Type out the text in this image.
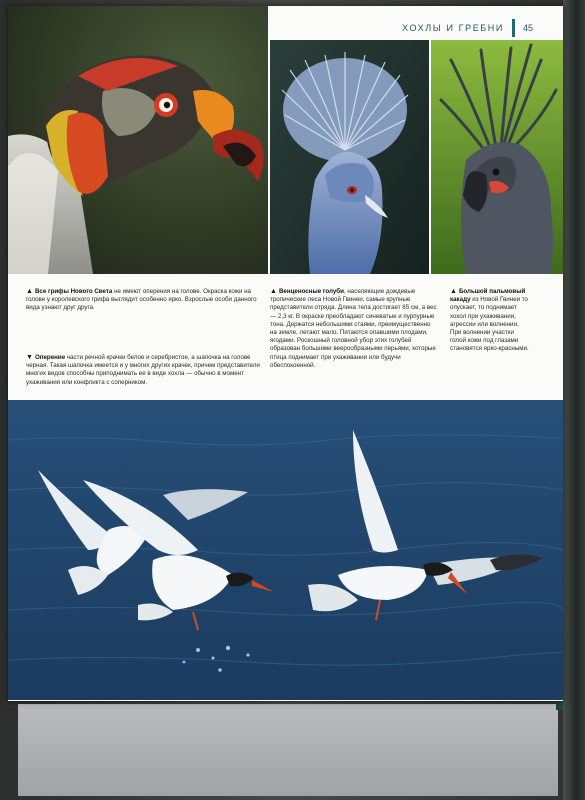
ХОХЛЫ И ГРЕБНИ 45
▲ Все грифы Нового Света не имеют оперения на голове. Окраска кожи на голове у королевского грифа выглядит особенно ярко. Взрослые особи данного вида узнают друг друга.
▼ Оперение части речной крачки белое и серебристое, а шапочка на голове черная. Такая шапочка имеется и у многих других крачек, причем представители многих видов способны приподнимать ее в виде хохла — обычно в момент ухаживания или конфликта с соперником.
▲ Венценосные голуби, населяющие дождевые тропические леса Новой Гвинеи, самые крупные представители отряда. Длина тела достигает 85 см, а вес — 2,3 кг. В окраске преобладают синеватые и пурпурные тона. Держатся небольшими стаями, преимущественно на земле, летают мало. Питаются опавшими плодами, ягодами. Роскошный головной убор этих голубей образован большими веерообразными перьями, которые птица поднимает при ухаживании или будучи обеспокоенной.
▲ Большой пальмовый какаду из Новой Гвинеи то опускает, то поднимает хохол при ухаживании, агрессии или волнении. При волнении участки голой кожи под глазами становятся ярко-красными.
